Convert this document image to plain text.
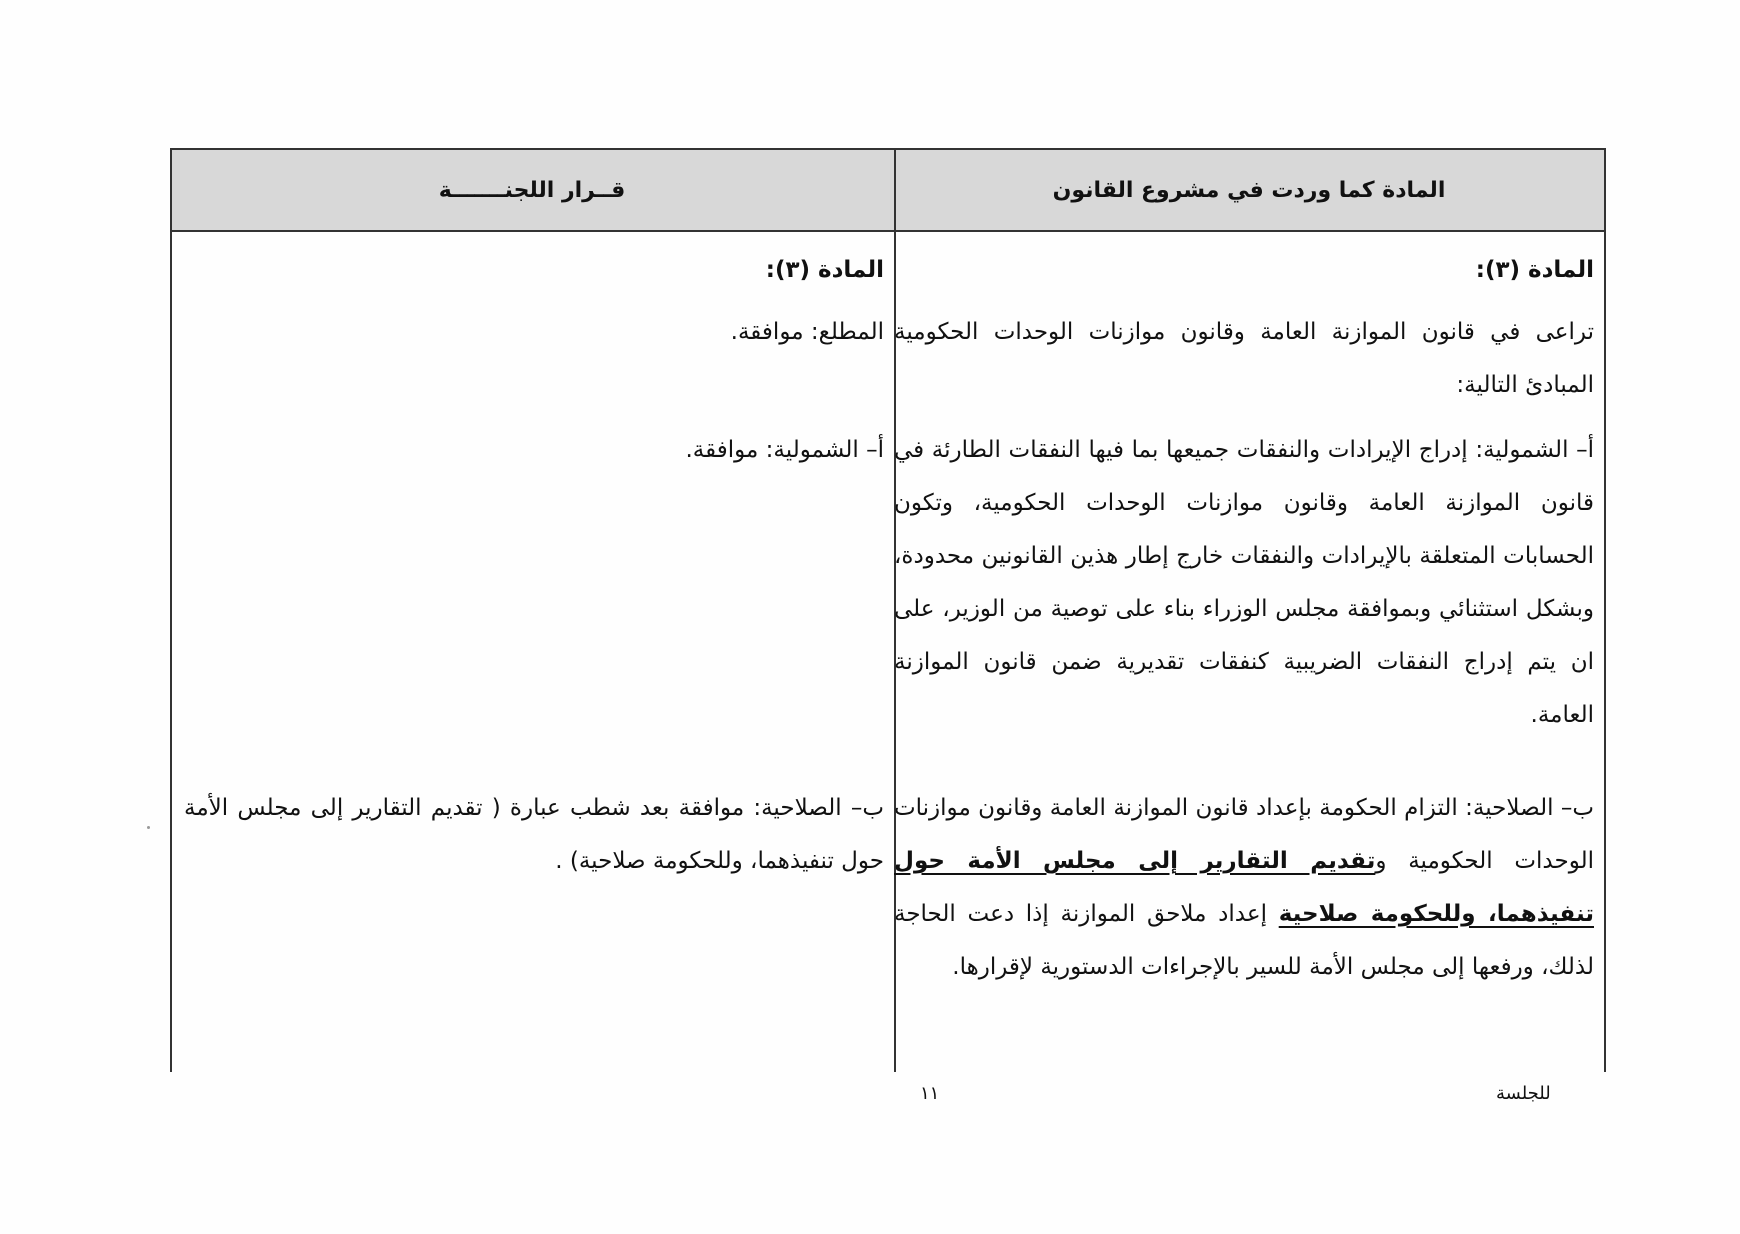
المادة كما وردت في مشروع القانون
قــرار اللجنـــــــة
المادة (٣):
تراعى في قانون الموازنة العامة وقانون موازنات الوحدات الحكومية المبادئ التالية:
أ– الشمولية: إدراج الإيرادات والنفقات جميعها بما فيها النفقات الطارئة في قانون الموازنة العامة وقانون موازنات الوحدات الحكومية، وتكون الحسابات المتعلقة بالإيرادات والنفقات خارج إطار هذين القانونين محدودة، وبشكل استثنائي وبموافقة مجلس الوزراء بناء على توصية من الوزير، على ان يتم إدراج النفقات الضريبية كنفقات تقديرية ضمن قانون الموازنة العامة.
ب– الصلاحية: التزام الحكومة بإعداد قانون الموازنة العامة وقانون موازنات الوحدات الحكومية وتقديم التقارير إلى مجلس الأمة حول تنفيذهما، وللحكومة صلاحية إعداد ملاحق الموازنة إذا دعت الحاجة لذلك، ورفعها إلى مجلس الأمة للسير بالإجراءات الدستورية لإقرارها.
المادة (٣):
المطلع: موافقة.
أ– الشمولية: موافقة.
ب– الصلاحية: موافقة بعد شطب عبارة ( تقديم التقارير إلى مجلس الأمة حول تنفيذهما، وللحكومة صلاحية) .
١١	للجلسة
